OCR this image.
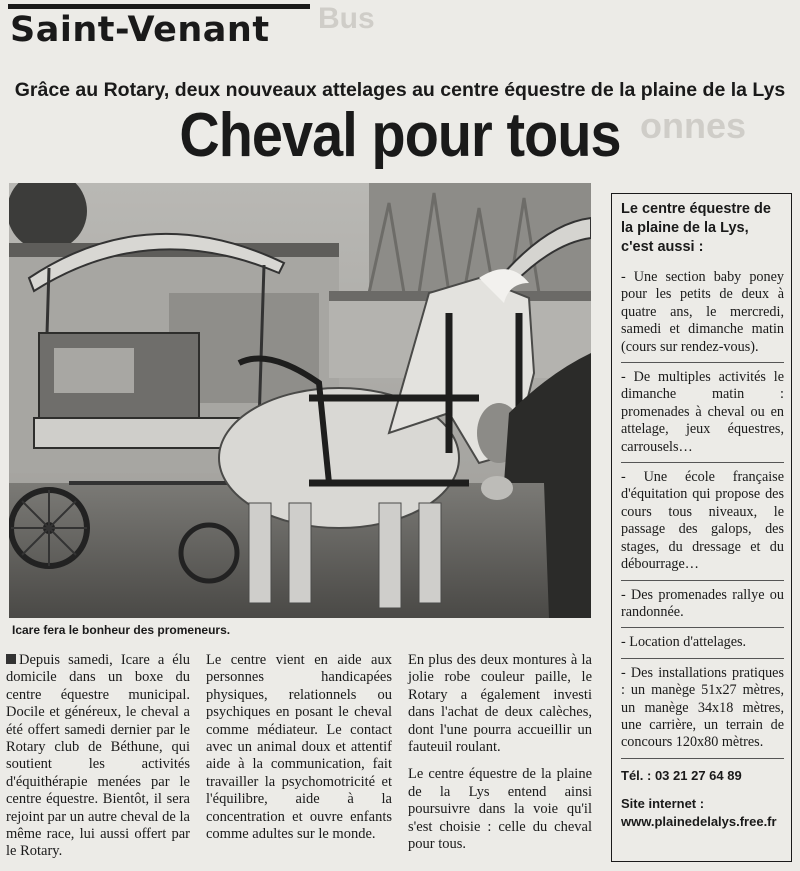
Bus
onnes
Saint-Venant
Grâce au Rotary, deux nouveaux attelages au centre équestre de la plaine de la Lys
Cheval pour tous

Icare fera le bonheur des promeneurs.

Depuis samedi, Icare a élu domicile dans un boxe du centre équestre municipal. Docile et généreux, le cheval a été offert samedi dernier par le Rotary club de Béthune, qui soutient les activités d'équithérapie menées par le centre équestre. Bientôt, il sera rejoint par un autre cheval de la même race, lui aussi offert par le Rotary.

Le centre vient en aide aux personnes handicapées physiques, relationnels ou psychiques en posant le cheval comme médiateur. Le contact avec un animal doux et attentif aide à la communication, fait travailler la psychomotricité et l'équilibre, aide à la concentration et ouvre enfants comme adultes sur le monde.

En plus des deux montures à la jolie robe couleur paille, le Rotary a également investi dans l'achat de deux calèches, dont l'une pourra accueillir un fauteuil roulant.

Le centre équestre de la plaine de la Lys entend ainsi poursuivre dans la voie qu'il s'est choisie : celle du cheval pour tous.

Le centre équestre de la plaine de la Lys, c'est aussi :

- Une section baby poney pour les petits de deux à quatre ans, le mercredi, samedi et dimanche matin (cours sur rendez-vous).

- De multiples activités le dimanche matin : promenades à cheval ou en attelage, jeux équestres, carrousels…

- Une école française d'équitation qui propose des cours tous niveaux, le passage des galops, des stages, du dressage et du débourrage…

- Des promenades rallye ou randonnée.

- Location d'attelages.

- Des installations pratiques : un manège 51x27 mètres, un manège 34x18 mètres, une carrière, un terrain de concours 120x80 mètres.

Tél. : 03 21 27 64 89

Site internet : www.plainedelalys.free.fr
